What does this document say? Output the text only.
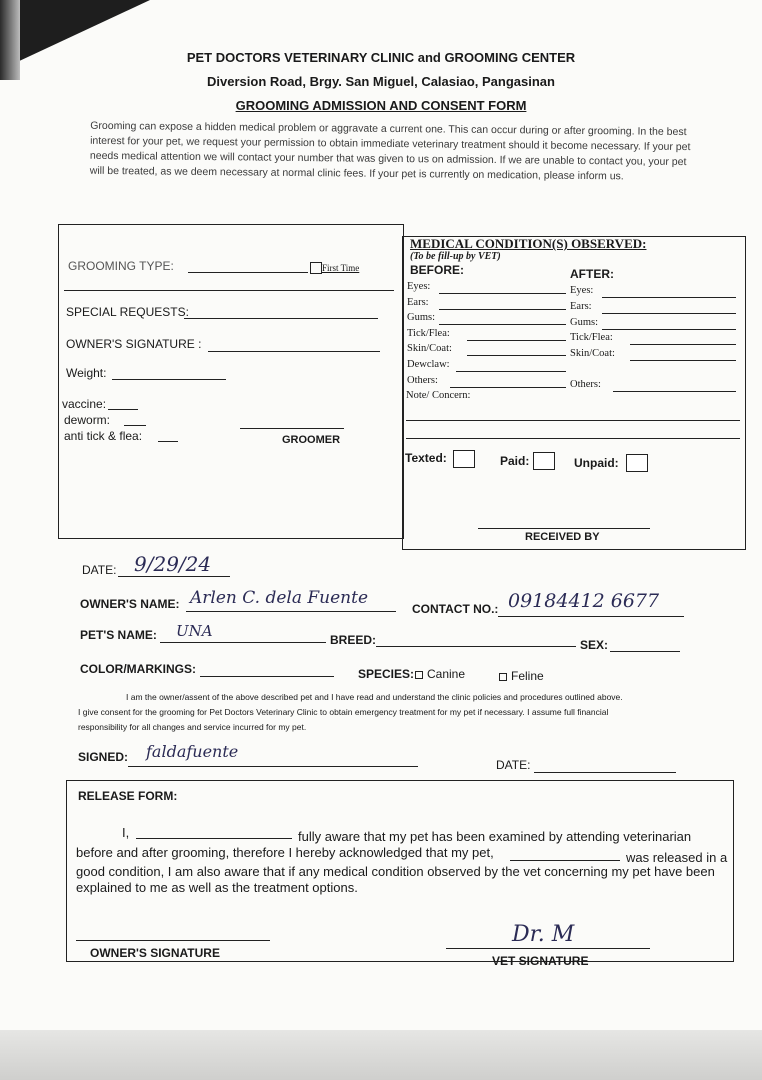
PET DOCTORS VETERINARY CLINIC and GROOMING CENTER
Diversion Road, Brgy. San Miguel, Calasiao, Pangasinan
GROOMING ADMISSION AND CONSENT FORM
Grooming can expose a hidden medical problem or aggravate a current one. This can occur during or after grooming. In the best interest for your pet, we request your permission to obtain immediate veterinary treatment should it become necessary. If your pet needs medical attention we will contact your number that was given to us on admission. If we are unable to contact you, your pet will be treated, as we deem necessary at normal clinic fees. If your pet is currently on medication, please inform us.
GROOMING TYPE:	First Time
SPECIAL REQUESTS:
OWNER'S SIGNATURE :
Weight:
vaccine:
deworm:
anti tick & flea:	GROOMER
MEDICAL CONDITION(S) OBSERVED:
(To be fill-up by VET)
BEFORE:	AFTER:
Eyes:
Ears:
Gums:
Tick/Flea:
Skin/Coat:
Dewclaw:
Others:
Eyes:
Ears:
Gums:
Tick/Flea:
Skin/Coat:
Others:
Note/ Concern:
Texted:	Paid:	Unpaid:
RECEIVED BY
DATE: 9/29/24
OWNER'S NAME: Arlen C. dela Fuente
CONTACT NO.: 09184412 6677
PET'S NAME: UNA	BREED:	SEX:
COLOR/MARKINGS:	SPECIES: Canine	Feline
I am the owner/assent of the above described pet and I have read and understand the clinic policies and procedures outlined above.
I give consent for the grooming for Pet Doctors Veterinary Clinic to obtain emergency treatment for my pet if necessary. I assume full financial
responsibility for all changes and service incurred for my pet.
SIGNED: faldafuente
DATE:
RELEASE FORM:
I,	fully aware that my pet has been examined by attending veterinarian
before and after grooming, therefore I hereby acknowledged that my pet,	was released in a
good condition, I am also aware that if any medical condition observed by the vet concerning my pet have been
explained to me as well as the treatment options.
OWNER'S SIGNATURE
Dr. M
VET SIGNATURE
